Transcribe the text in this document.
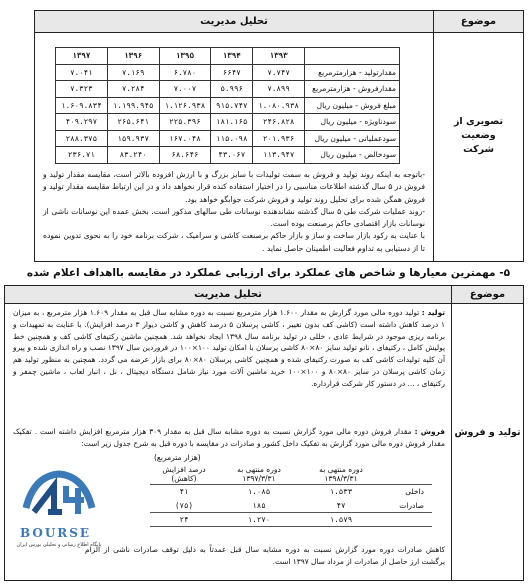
موضوع
تصویری از وضعیت شرکت
تحلیل مدیریت
	۱۳۹۳	۱۳۹۴	۱۳۹۵	۱۳۹۶	۱۳۹۷
مقدارتولید - هزارمترمربع	۷.۷۴۷	۶۶۴۷	۶.۷۸۰	۷.۱۶۹	۷.۰۴۱
مقدارفروش - هزارمترمربع	۷.۸۹۹	۵.۹۹۶	۷.۰۰۷	۷.۲۸۴	۷.۳۲۳
مبلغ فروش - میلیون ریال	۱.۰۸۰.۹۳۸	۹۱۵.۷۴۷	۱.۱۲۶.۹۳۸	۱.۱۹۹.۹۴۵	۱.۶۰۹.۸۳۴
سودناویژه - میلیون ریال	۲۴۶.۸۲۸	۱۸۱.۱۶۵	۲۲۵.۳۹۶	۲۶۵.۶۴۱	۴۰۹.۲۹۷
سودعملیاتی - میلیون ریال	۲۰۱.۹۳۶	۱۱۵.۰۹۸	۱۶۷.۰۴۸	۱۵۹.۹۳۷	۲۸۸.۳۷۵
سودخالص - میلیون ریال	۱۱۳.۹۴۷	۴۳.۰۶۷	۶۸.۶۴۶	۸۳.۲۴۰	۲۳۶.۷۱

-باتوجه به اینکه روند تولید و فروش به سمت تولیدات با سایز بزرگ و با ارزش افزوده بالاتر است، مقایسه مقدار تولید و فروش در ۵ سال گذشته اطلاعات مناسبی را در اختیار استفاده کنده قرار نخواهد داد و در این ارتباط مقایسه مقدار تولید و فروش همگن شده برای تحلیل روند تولید و فروش شرکت جوابگو خواهد بود.

-روند عملیات شرکت طی ۵ سال گذشته نشاندهنده نوسانات طی سالهای مذکور است. بخش عمده این نوسانات ناشی از نوسانات بازار اقتصادی حاکم برصنعت بوده است.

با عنایت به رکود بازار ساخت و ساز و بازار حاکم برصنعت کاشی و سرامیک ، شرکت برنامه خود را به نحوی تدوین نموده تا از دستیابی به تداوم فعالیت اطمینان حاصل نماید .

۵- مهمترین معیارها و شاخص های عملکرد برای ارزیابی عملکرد در مقایسه بااهداف اعلام شده
موضوع
تولید و فروش
تحلیل مدیریت
تولید : تولید دوره مالی مورد گزارش به مقدار ۱.۶۰۰ هزار مترمربع نسبت به دوره مشابه سال قبل به مقدار ۱.۶۰۹ هزار مترمربع ، به میزان ۱ درصد کاهش داشته است (کاشی کف بدون تغییر ، کاشی پرسلان ۵ درصد کاهش و کاشی دیوار ۳ درصد افزایش). با عنایت به تمهیدات و برنامه ریزی موجود در شرایط عادی ، خللی در تولید برنامه سال ۱۳۹۸ ایجاد نخواهد شد. همچنین ماشین رکتیفای کاشی کف و همچنین خط پولیش کامل ، رکتیفای ، نانو تولید سایز ۸۰×۸۰ کاشی پرسلان با امکان تولید ۱۰۰×۱۰۰ در فروردین سال ۱۳۹۷ نصب و راه اندازی شده و پیرو آن کلیه تولیدات کاشی کف به صورت رکتیفای شده و همچنین کاشی پرسلان ۸۰×۸۰ برای بازار عرضه می گردد. همچنین به منظور تولید هم زمان کاشی پرسلان در سایز ۸۰×۸۰ و ۱۰۰×۱۰۰ خرید ماشین آلات مورد نیاز شامل دستگاه دیجیتال ، نل ، انبار لعاب ، ماشین چمفر و رکتیفای ، ... در دستور کار شرکت قرارداره.
فروش : مقدار فروش دوره مالی مورد گزارش نسبت به دوره مشابه سال قبل به مقدار ۳۰۹ هزار مترمربع افزایش داشته است . تفکیک مقدار فروش دوره مالی مورد گزارش به تفکیک داخل کشور و صادرات در مقایسه با دوره قبل به شرح جدول زیر است:
کاهش صادرات دوره مورد گزارش نسبت به دوره مشابه سال قبل عمدتاً به دلیل توقف صادرات ناشی از الزام برگشت ارز حاصل از صادرات از مرداد سال ۱۳۹۷ است.
(هزار مترمربع)			
	دوره منتهی به ۱۳۹۸/۳/۳۱	دوره منتهی به ۱۳۹۷/۳/۳۱	درصد افزایش (کاهش)
داخلی	۱.۵۳۳	۱.۰۸۵	۴۱
صادرات	۴۷	۱۸۵	(۷۵)
	۱.۵۷۹	۱.۲۷۰	۲۴
BOURSE
پایگاه اطلاع رسانی و تحلیلی بورس ایران
